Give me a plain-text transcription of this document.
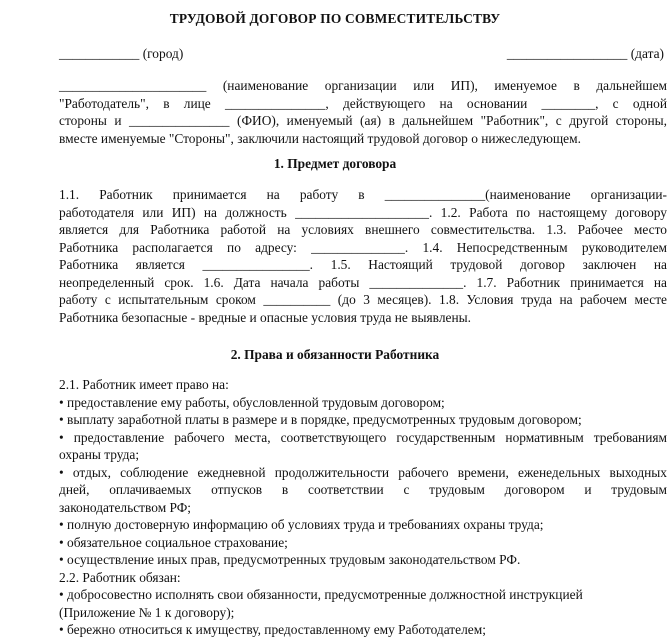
ТРУДОВОЙ ДОГОВОР ПО СОВМЕСТИТЕЛЬСТВУ
____________ (город)	__________________ (дата)
______________________ (наименование организации или ИП), именуемое в дальнейшем
"Работодатель", в лице _______________, действующего на основании ________, с одной
стороны и _______________ (ФИО), именуемый (ая) в дальнейшем "Работник", с другой стороны,
вместе именуемые "Стороны", заключили настоящий трудовой договор о нижеследующем.
1. Предмет договора
1.1. Работник принимается на работу в _______________(наименование организации-
работодателя или ИП) на должность ____________________. 1.2. Работа по настоящему договору
является для Работника работой на условиях внешнего совместительства. 1.3. Рабочее место
Работника располагается по адресу: ______________. 1.4. Непосредственным руководителем
Работника является ________________. 1.5. Настоящий трудовой договор заключен на
неопределенный срок. 1.6. Дата начала работы ______________. 1.7. Работник принимается на
работу с испытательным сроком __________ (до 3 месяцев). 1.8. Условия труда на рабочем месте
Работника безопасные - вредные и опасные условия труда не выявлены.
2. Права и обязанности Работника
2.1. Работник имеет право на:
• предоставление ему работы, обусловленной трудовым договором;
• выплату заработной платы в размере и в порядке, предусмотренных трудовым договором;
• предоставление рабочего места, соответствующего государственным нормативным требованиям
охраны труда;
• отдых, соблюдение ежедневной продолжительности рабочего времени, еженедельных выходных
дней, оплачиваемых отпусков в соответствии с трудовым договором и трудовым
законодательством РФ;
• полную достоверную информацию об условиях труда и требованиях охраны труда;
• обязательное социальное страхование;
• осуществление иных прав, предусмотренных трудовым законодательством РФ.
2.2. Работник обязан:
• добросовестно исполнять свои обязанности, предусмотренные должностной инструкцией
(Приложение № 1 к договору);
• бережно относиться к имуществу, предоставленному ему Работодателем;
